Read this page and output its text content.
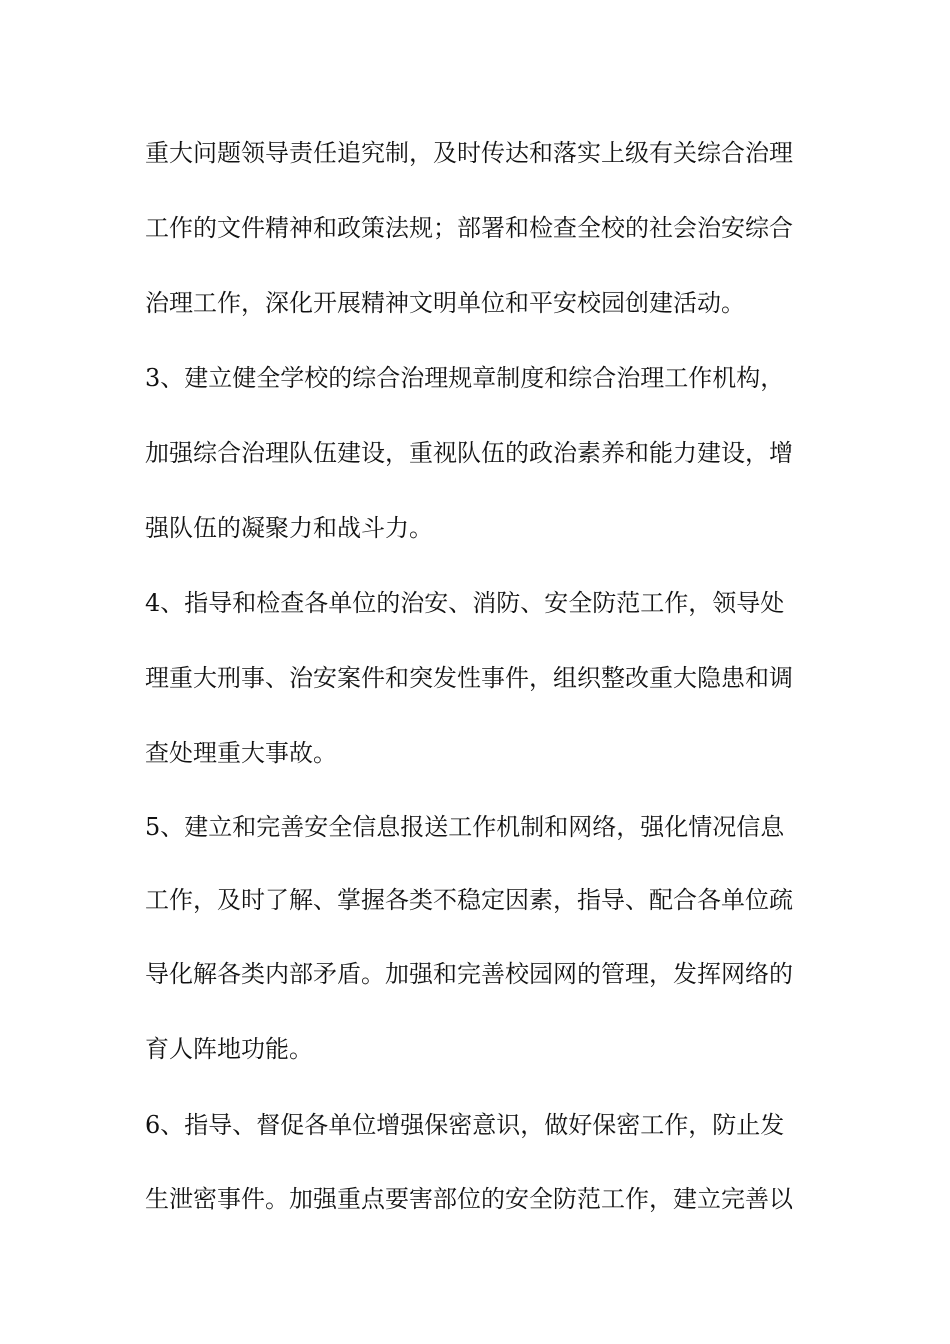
重大问题领导责任追究制，及时传达和落实上级有关综合治理
工作的文件精神和政策法规；部署和检查全校的社会治安综合
治理工作，深化开展精神文明单位和平安校园创建活动。
3、建立健全学校的综合治理规章制度和综合治理工作机构，
加强综合治理队伍建设，重视队伍的政治素养和能力建设，增
强队伍的凝聚力和战斗力。
4、指导和检查各单位的治安、消防、安全防范工作，领导处
理重大刑事、治安案件和突发性事件，组织整改重大隐患和调
查处理重大事故。
5、建立和完善安全信息报送工作机制和网络，强化情况信息
工作，及时了解、掌握各类不稳定因素，指导、配合各单位疏
导化解各类内部矛盾。加强和完善校园网的管理，发挥网络的
育人阵地功能。
6、指导、督促各单位增强保密意识，做好保密工作，防止发
生泄密事件。加强重点要害部位的安全防范工作，建立完善以
